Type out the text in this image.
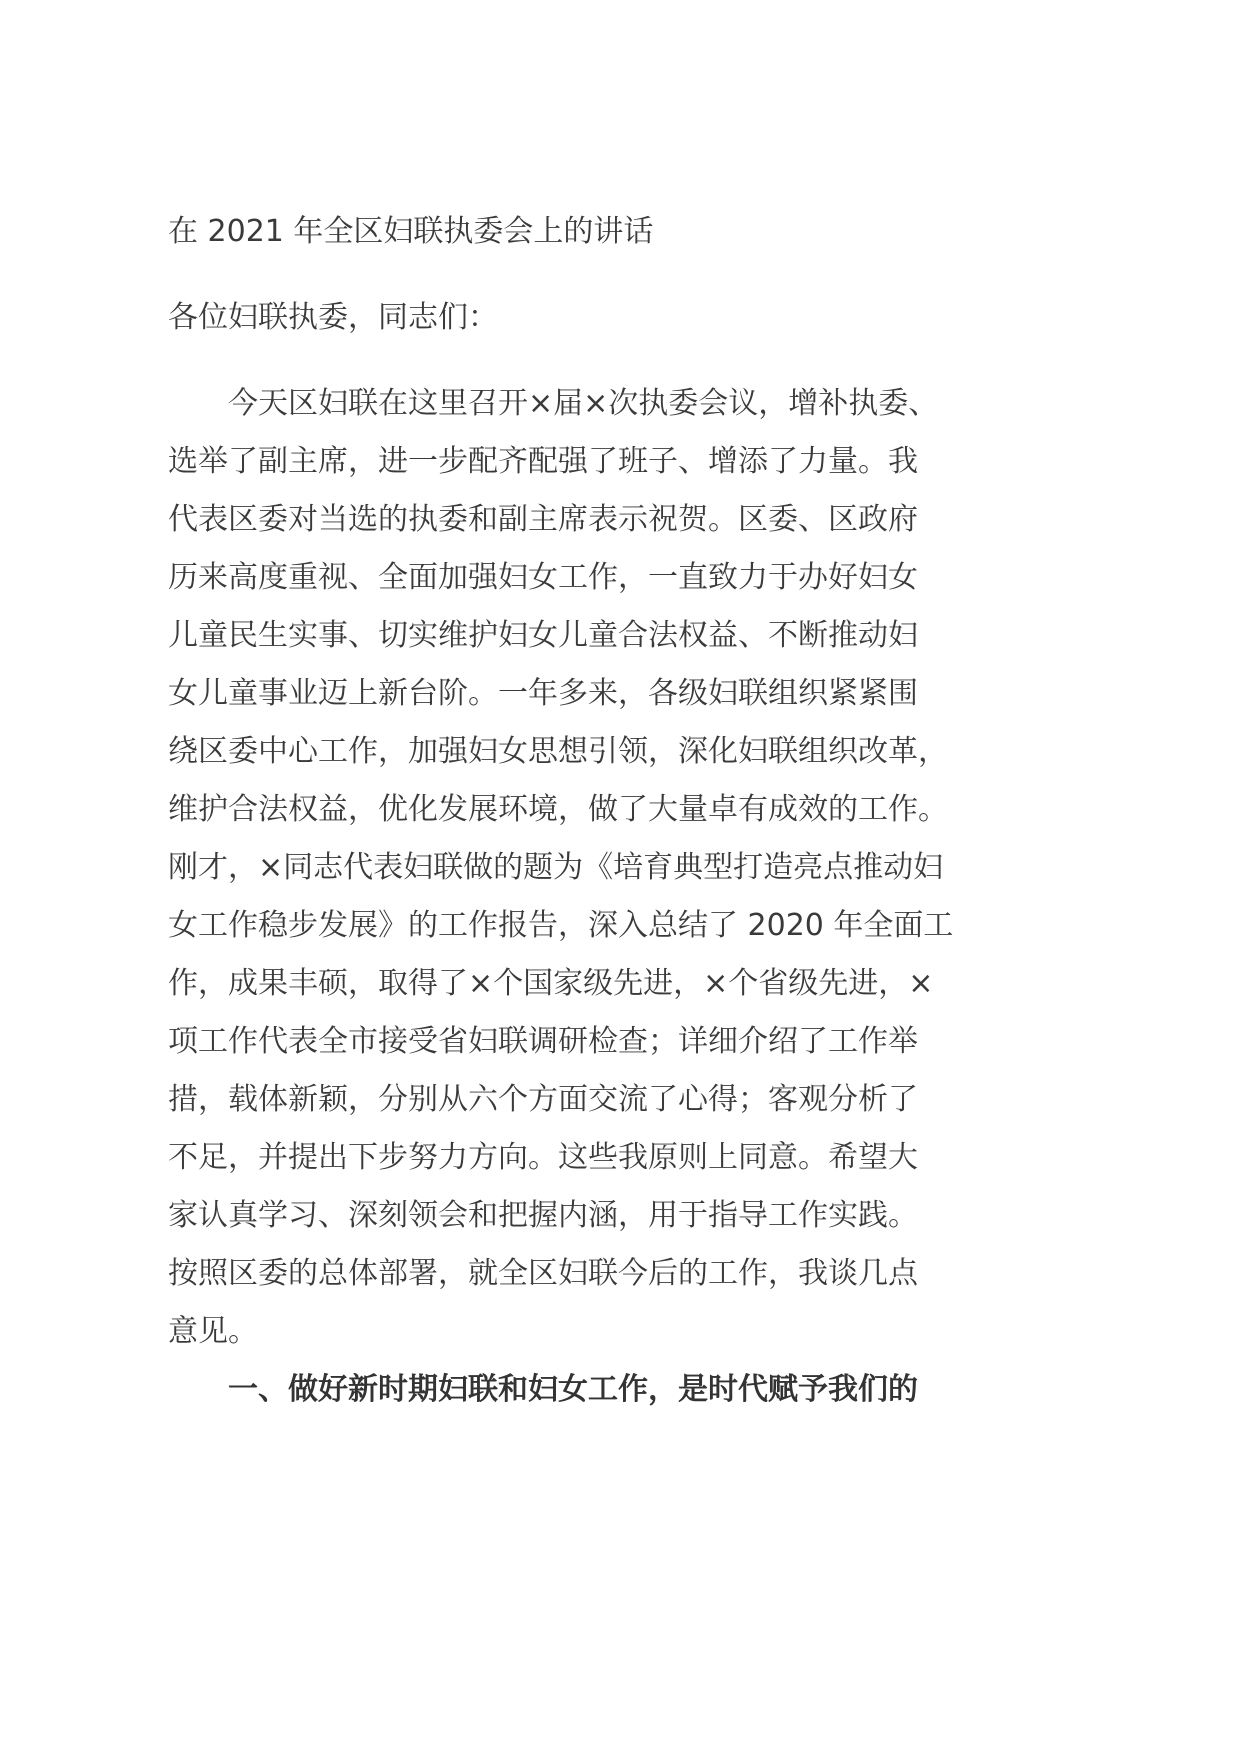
在 2021 年全区妇联执委会上的讲话
各位妇联执委，同志们：
　　今天区妇联在这里召开×届×次执委会议，增补执委、
选举了副主席，进一步配齐配强了班子、增添了力量。我
代表区委对当选的执委和副主席表示祝贺。区委、区政府
历来高度重视、全面加强妇女工作，一直致力于办好妇女
儿童民生实事、切实维护妇女儿童合法权益、不断推动妇
女儿童事业迈上新台阶。一年多来，各级妇联组织紧紧围
绕区委中心工作，加强妇女思想引领，深化妇联组织改革，
维护合法权益，优化发展环境，做了大量卓有成效的工作。
刚才，×同志代表妇联做的题为《培育典型打造亮点推动妇
女工作稳步发展》的工作报告，深入总结了 2020 年全面工
作，成果丰硕，取得了×个国家级先进，×个省级先进，×
项工作代表全市接受省妇联调研检查；详细介绍了工作举
措，载体新颖，分别从六个方面交流了心得；客观分析了
不足，并提出下步努力方向。这些我原则上同意。希望大
家认真学习、深刻领会和把握内涵，用于指导工作实践。
按照区委的总体部署，就全区妇联今后的工作，我谈几点
意见。
　　一、做好新时期妇联和妇女工作，是时代赋予我们的
